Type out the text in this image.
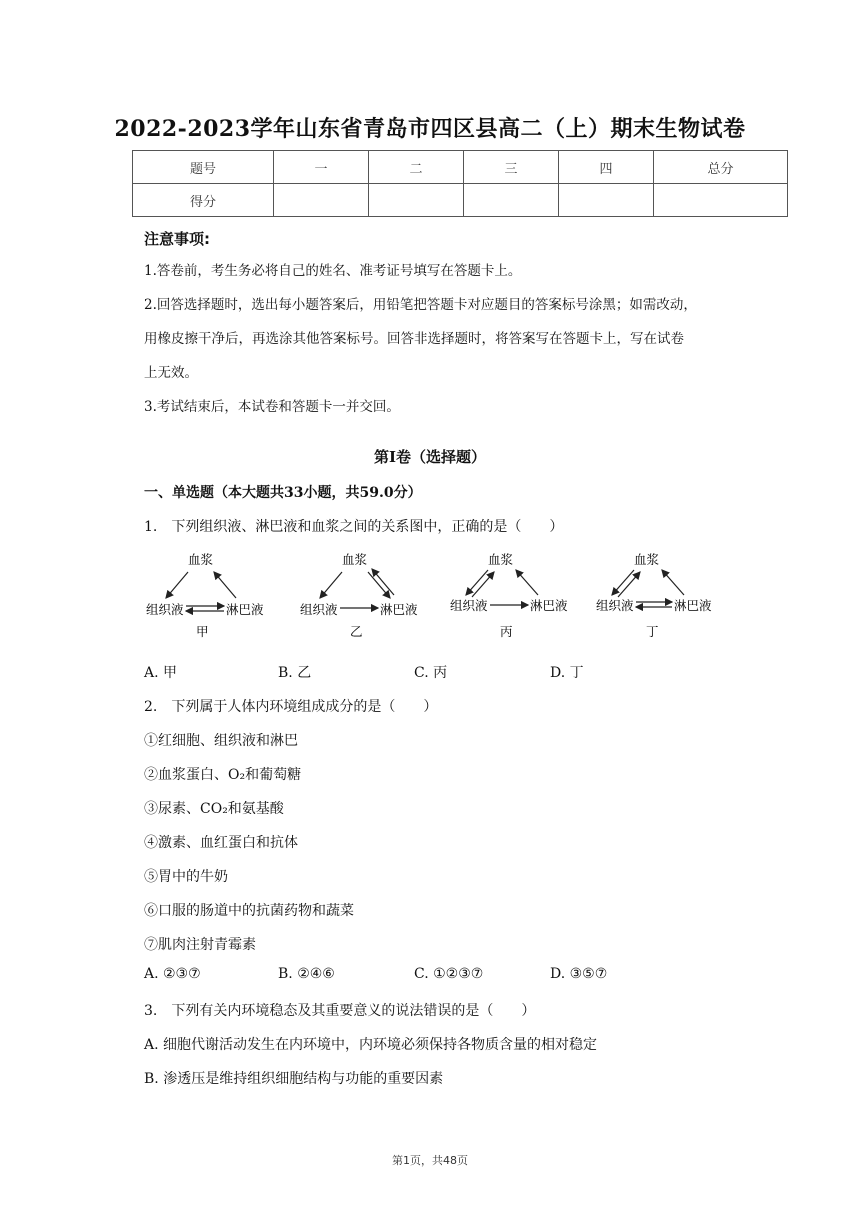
2022-2023学年山东省青岛市四区县高二（上）期末生物试卷
题号	一	二	三	四	总分
得分					
注意事项:
1.答卷前，考生务必将自己的姓名、准考证号填写在答题卡上。
2.回答选择题时，选出每小题答案后，用铅笔把答题卡对应题目的答案标号涂黑；如需改动，
用橡皮擦干净后，再选涂其他答案标号。回答非选择题时，将答案写在答题卡上，写在试卷
上无效。
3.考试结束后，本试卷和答题卡一并交回。
第Ⅰ卷（选择题）
一、单选题（本大题共33小题，共59.0分）
1.　下列组织液、淋巴液和血浆之间的关系图中，正确的是（　　）
血浆
组织液	淋巴液
甲
血浆
组织液	淋巴液
乙
血浆
组织液	淋巴液
丙
血浆
组织液	淋巴液
丁
A. 甲	B. 乙	C. 丙	D. 丁
2.　下列属于人体内环境组成成分的是（　　）
①红细胞、组织液和淋巴
②血浆蛋白、O₂和葡萄糖
③尿素、CO₂和氨基酸
④激素、血红蛋白和抗体
⑤胃中的牛奶
⑥口服的肠道中的抗菌药物和蔬菜
⑦肌肉注射青霉素
A. ②③⑦	B. ②④⑥	C. ①②③⑦	D. ③⑤⑦
3.　下列有关内环境稳态及其重要意义的说法错误的是（　　）
A. 细胞代谢活动发生在内环境中，内环境必须保持各物质含量的相对稳定
B. 渗透压是维持组织细胞结构与功能的重要因素
第1页，共48页
